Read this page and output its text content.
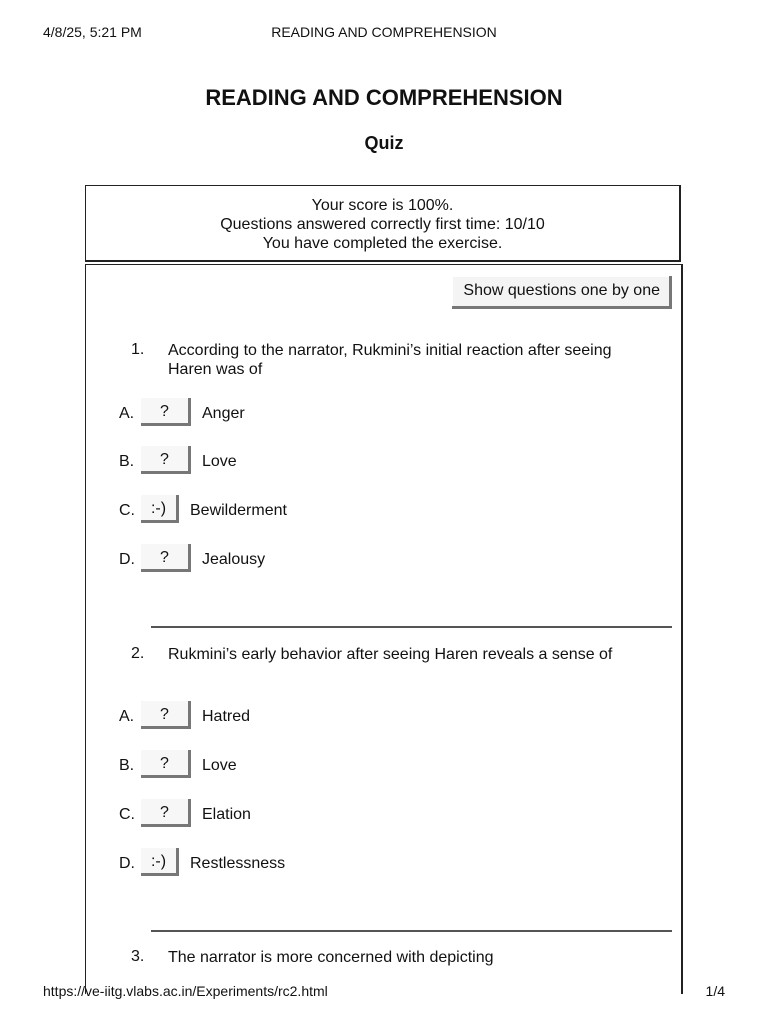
4/8/25, 5:21 PM	READING AND COMPREHENSION
READING AND COMPREHENSION
Quiz
Your score is 100%.
Questions answered correctly first time: 10/10
You have completed the exercise.
Show questions one by one
1. According to the narrator, Rukmini’s initial reaction after seeing Haren was of
A.	?	Anger
B.	?	Love
C. :-)	Bewilderment
D.	?	Jealousy
2. Rukmini’s early behavior after seeing Haren reveals a sense of
A.	?	Hatred
B.	?	Love
C.	?	Elation
D. :-)	Restlessness
3. The narrator is more concerned with depicting
https://ve-iitg.vlabs.ac.in/Experiments/rc2.html	1/4
